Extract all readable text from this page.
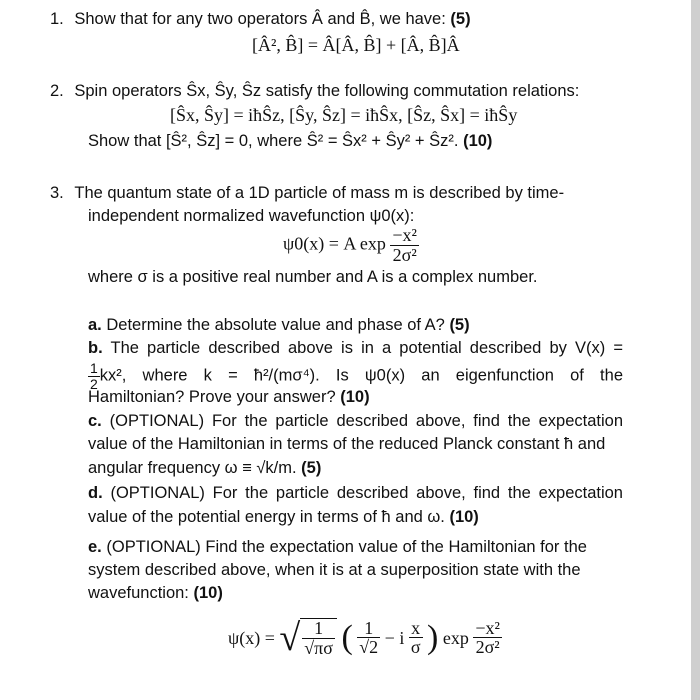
1. Show that for any two operators Â and B̂, we have: (5)
[Â², B̂] = Â[Â, B̂] + [Â, B̂]Â
2. Spin operators Ŝx, Ŝy, Ŝz satisfy the following commutation relations:
[Ŝx, Ŝy] = iħŜz, [Ŝy, Ŝz] = iħŜx, [Ŝz, Ŝx] = iħŜy
Show that [Ŝ², Ŝz] = 0, where Ŝ² = Ŝx² + Ŝy² + Ŝz². (10)
3. The quantum state of a 1D particle of mass m is described by time-
independent normalized wavefunction ψ0(x):
ψ0(x) = A $\exp \frac{\text{−x²}}{\text{2σ²}}$
where σ is a positive real number and A is a complex number.
a. Determine the absolute value and phase of A? (5)
b. The particle described above is in a potential described by V(x) =
$\frac{1}{2} kx^2$, where k = ħ²/(mσ⁴). Is ψ0(x) an eigenfunction of the
Hamiltonian? Prove your answer? (10)
c. (OPTIONAL) For the particle described above, find the expectation
value of the Hamiltonian in terms of the reduced Planck constant ħ and
angular frequency ω ≡ √k/m. (5)
d. (OPTIONAL) For the particle described above, find the expectation
value of the potential energy in terms of ħ and ω. (10)
e. (OPTIONAL) Find the expectation value of the Hamiltonian for the
system described above, when it is at a superposition state with the
wavefunction: (10)
ψ(x) = √ $\frac{1}{√\pi\sigma}$ ( $\frac{1}{√2} - i \frac{x}{\sigma}$ ) $\exp \frac{\text{−x²}}{\text{2σ²}}$
